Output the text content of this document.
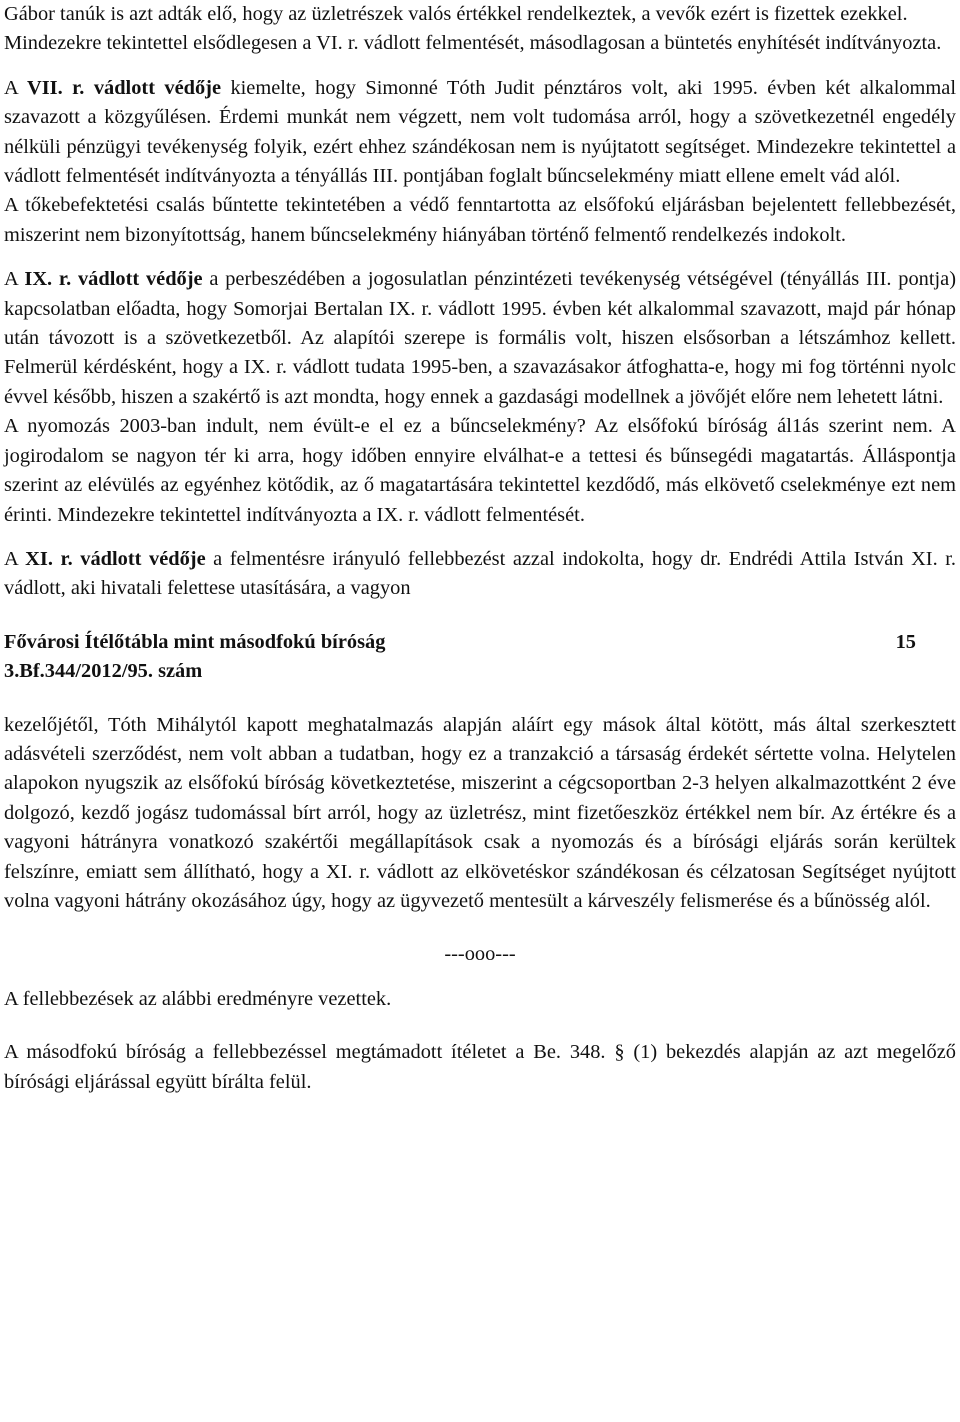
Gábor tanúk is azt adták elő, hogy az üzletrészek valós értékkel rendelkeztek, a vevők ezért is fizettek ezekkel.

Mindezekre tekintettel elsődlegesen a VI. r. vádlott felmentését, másodlagosan a büntetés enyhítését indítványozta.

A VII. r. vádlott védője kiemelte, hogy Simonné Tóth Judit pénztáros volt, aki 1995. évben két alkalommal szavazott a közgyűlésen. Érdemi munkát nem végzett, nem volt tudomása arról, hogy a szövetkezetnél engedély nélküli pénzügyi tevékenység folyik, ezért ehhez szándékosan nem is nyújtatott segítséget. Mindezekre tekintettel a vádlott felmentését indítványozta a tényállás III. pontjában foglalt bűncselekmény miatt ellene emelt vád alól.

A tőkebefektetési csalás bűntette tekintetében a védő fenntartotta az elsőfokú eljárásban bejelentett fellebbezését, miszerint nem bizonyítottság, hanem bűncselekmény hiányában történő felmentő rendelkezés indokolt.

A IX. r. vádlott védője a perbeszédében a jogosulatlan pénzintézeti tevékenység vétségével (tényállás III. pontja) kapcsolatban előadta, hogy Somorjai Bertalan IX. r. vádlott 1995. évben két alkalommal szavazott, majd pár hónap után távozott is a szövetkezetből. Az alapítói szerepe is formális volt, hiszen elsősorban a létszámhoz kellett. Felmerül kérdésként, hogy a IX. r. vádlott tudata 1995-ben, a szavazásakor átfoghatta-e, hogy mi fog történni nyolc évvel később, hiszen a szakértő is azt mondta, hogy ennek a gazdasági modellnek a jövőjét előre nem lehetett látni.

A nyomozás 2003-ban indult, nem évült-e el ez a bűncselekmény? Az elsőfokú bíróság ál1ás szerint nem. A jogirodalom se nagyon tér ki arra, hogy időben ennyire elválhat-e a tettesi és bűnsegédi magatartás. Álláspontja szerint az elévülés az egyénhez kötődik, az ő magatartására tekintettel kezdődő, más elkövető cselekménye ezt nem érinti. Mindezekre tekintettel indítványozta a IX. r. vádlott felmentését.

A XI. r. vádlott védője a felmentésre irányuló fellebbezést azzal indokolta, hogy dr. Endrédi Attila István XI. r. vádlott, aki hivatali felettese utasítására, a vagyon

Fővárosi Ítélőtábla mint másodfokú bíróság	15

3.Bf.344/2012/95. szám

kezelőjétől, Tóth Mihálytól kapott meghatalmazás alapján aláírt egy mások által kötött, más által szerkesztett adásvételi szerződést, nem volt abban a tudatban, hogy ez a tranzakció a társaság érdekét sértette volna. Helytelen alapokon nyugszik az elsőfokú bíróság következtetése, miszerint a cégcsoportban 2-3 helyen alkalmazottként 2 éve dolgozó, kezdő jogász tudomással bírt arról, hogy az üzletrész, mint fizetőeszköz értékkel nem bír. Az értékre és a vagyoni hátrányra vonatkozó szakértői megállapítások csak a nyomozás és a bírósági eljárás során kerültek felszínre, emiatt sem állítható, hogy a XI. r. vádlott az elkövetéskor szándékosan és célzatosan Segítséget nyújtott volna vagyoni hátrány okozásához úgy, hogy az ügyvezető mentesült a kárveszély felismerése és a bűnösség alól.

---ooo---

A fellebbezések az alábbi eredményre vezettek.

A másodfokú bíróság a fellebbezéssel megtámadott ítéletet a Be. 348. § (1) bekezdés alapján az azt megelőző bírósági eljárással együtt bírálta felül.
